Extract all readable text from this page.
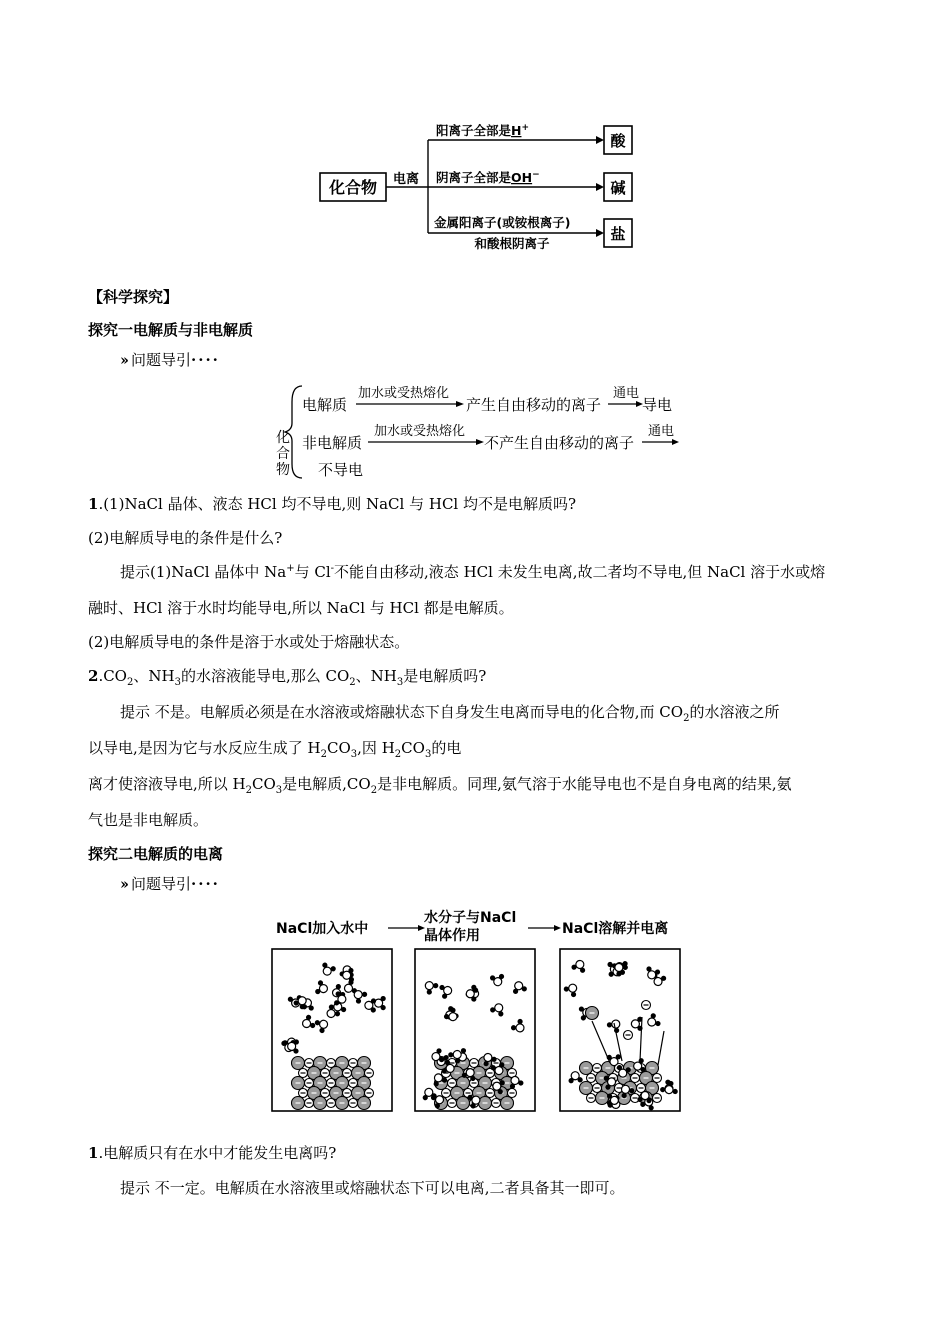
化合物 电离
阳离子全部是H+
酸
阴离子全部是OH−
碱
金属阳离子(或铵根离子)
和酸根阴离子
盐
【科学探究】
探究一电解质与非电解质
›› 问题导引····
化
合
物
电解质
加水或受热熔化
产生自由移动的离子
通电
导电
非电解质
加水或受热熔化
不产生自由移动的离子
通电
不导电
1.(1)NaCl 晶体、液态 HCl 均不导电,则 NaCl 与 HCl 均不是电解质吗?
(2)电解质导电的条件是什么?
提示(1)NaCl 晶体中 Na+与 Cl-不能自由移动,液态 HCl 未发生电离,故二者均不导电,但 NaCl 溶于水或熔
融时、HCl 溶于水时均能导电,所以 NaCl 与 HCl 都是电解质。
(2)电解质导电的条件是溶于水或处于熔融状态。
$2.CO_2$、$NH_3$的水溶液能导电,那么 $CO_2$、$NH_3$是电解质吗?
提示 不是。电解质必须是在水溶液或熔融状态下自身发生电离而导电的化合物,而 $CO_2$的水溶液之所
以导电,是因为它与水反应生成了 $H_2CO_3$,因 $H_2CO_3$的电
离才使溶液导电,所以 $H_2CO_3$是电解质$,CO_2$是非电解质。同理,氨气溶于水能导电也不是自身电离的结果,氨
气也是非电解质。
探究二电解质的电离
›› 问题导引····
NaCl加入水中
水分子与NaCl
晶体作用	NaCl溶解并电离
1.电解质只有在水中才能发生电离吗?
提示 不一定。电解质在水溶液里或熔融状态下可以电离,二者具备其一即可。
